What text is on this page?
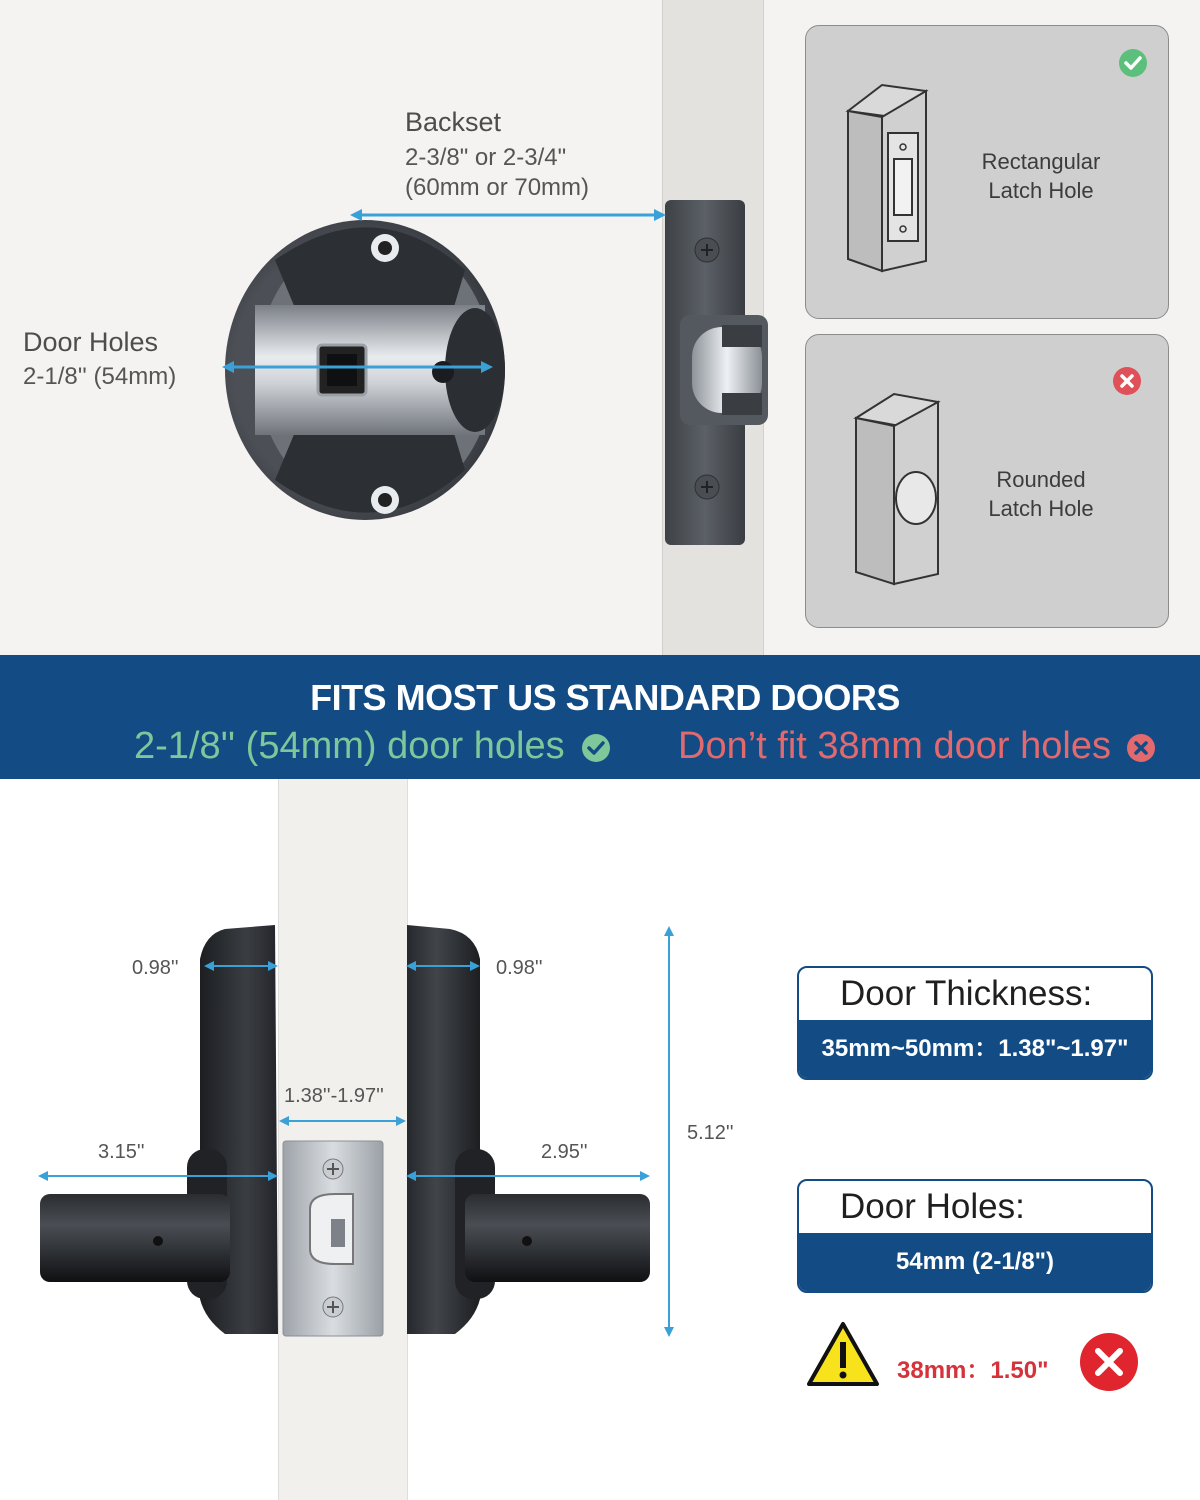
Backset
2-3/8" or 2-3/4"
(60mm or 70mm)
Door Holes
2-1/8'' (54mm)
Rectangular
Latch Hole
Rounded
Latch Hole
FITS MOST US STANDARD DOORS
2-1/8'' (54mm) door holes	Don’t fit 38mm door holes
0.98''	0.98''
1.38''-1.97''
3.15''	2.95''
5.12''
Door Thickness:
35mm~50mm：1.38"~1.97"
Door Holes:
54mm (2-1/8")
38mm：1.50"
